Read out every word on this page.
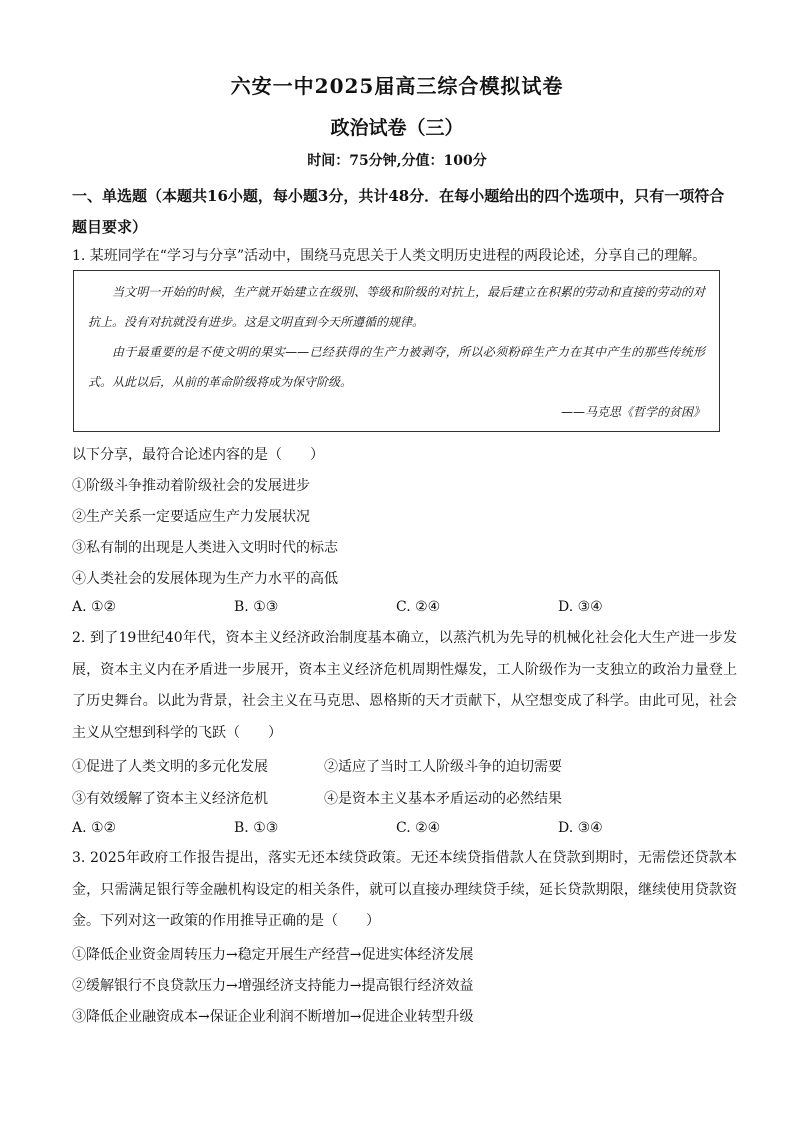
六安一中2025届高三综合模拟试卷
政治试卷（三）
时间：75分钟,分值：100分
一、单选题（本题共16小题，每小题3分，共计48分．在每小题给出的四个选项中，只有一项符合题目要求）
1. 某班同学在“学习与分享”活动中，围绕马克思关于人类文明历史进程的两段论述，分享自己的理解。

当文明一开始的时候，生产就开始建立在级别、等级和阶级的对抗上，最后建立在积累的劳动和直接的劳动的对抗上。没有对抗就没有进步。这是文明直到今天所遵循的规律。

由于最重要的是不使文明的果实——已经获得的生产力被剥夺，所以必须粉碎生产力在其中产生的那些传统形式。从此以后，从前的革命阶级将成为保守阶级。

——马克思《哲学的贫困》

以下分享，最符合论述内容的是（　　）
①阶级斗争推动着阶级社会的发展进步
②生产关系一定要适应生产力发展状况
③私有制的出现是人类进入文明时代的标志
④人类社会的发展体现为生产力水平的高低
A. ①②	B. ①③	C. ②④	D. ③④
2. 到了19世纪40年代，资本主义经济政治制度基本确立，以蒸汽机为先导的机械化社会化大生产进一步发展，资本主义内在矛盾进一步展开，资本主义经济危机周期性爆发，工人阶级作为一支独立的政治力量登上了历史舞台。以此为背景，社会主义在马克思、恩格斯的天才贡献下，从空想变成了科学。由此可见，社会主义从空想到科学的飞跃（　　）
①促进了人类文明的多元化发展	②适应了当时工人阶级斗争的迫切需要
③有效缓解了资本主义经济危机	④是资本主义基本矛盾运动的必然结果
A. ①②	B. ①③	C. ②④	D. ③④
3. 2025年政府工作报告提出，落实无还本续贷政策。无还本续贷指借款人在贷款到期时，无需偿还贷款本金，只需满足银行等金融机构设定的相关条件，就可以直接办理续贷手续，延长贷款期限，继续使用贷款资金。下列对这一政策的作用推导正确的是（　　）
①降低企业资金周转压力→稳定开展生产经营→促进实体经济发展
②缓解银行不良贷款压力→增强经济支持能力→提高银行经济效益
③降低企业融资成本→保证企业利润不断增加→促进企业转型升级
